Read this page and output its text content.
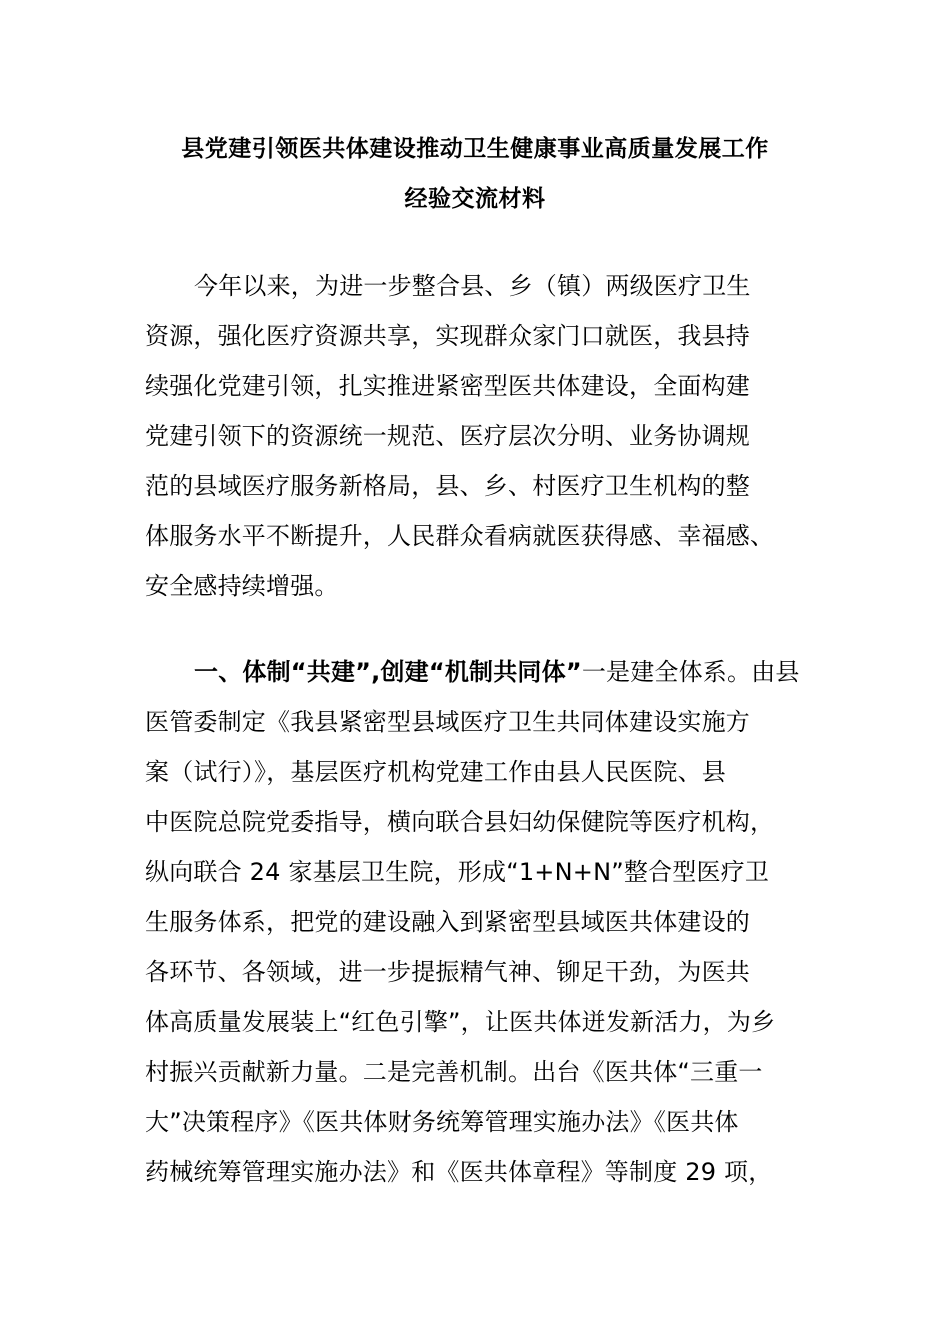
县党建引领医共体建设推动卫生健康事业高质量发展工作
经验交流材料
今年以来，为进一步整合县、乡（镇）两级医疗卫生
资源，强化医疗资源共享，实现群众家门口就医，我县持
续强化党建引领，扎实推进紧密型医共体建设，全面构建
党建引领下的资源统一规范、医疗层次分明、业务协调规
范的县域医疗服务新格局，县、乡、村医疗卫生机构的整
体服务水平不断提升，人民群众看病就医获得感、幸福感、
安全感持续增强。
一、体制“共建”,创建“机制共同体”一是建全体系。由县
医管委制定《我县紧密型县域医疗卫生共同体建设实施方
案（试行）》，基层医疗机构党建工作由县人民医院、县
中医院总院党委指导，横向联合县妇幼保健院等医疗机构，
纵向联合 24 家基层卫生院，形成“1+N+N”整合型医疗卫
生服务体系，把党的建设融入到紧密型县域医共体建设的
各环节、各领域，进一步提振精气神、铆足干劲，为医共
体高质量发展装上“红色引擎”，让医共体迸发新活力，为乡
村振兴贡献新力量。二是完善机制。出台《医共体“三重一
大”决策程序》《医共体财务统筹管理实施办法》《医共体
药械统筹管理实施办法》和《医共体章程》等制度 29 项，
